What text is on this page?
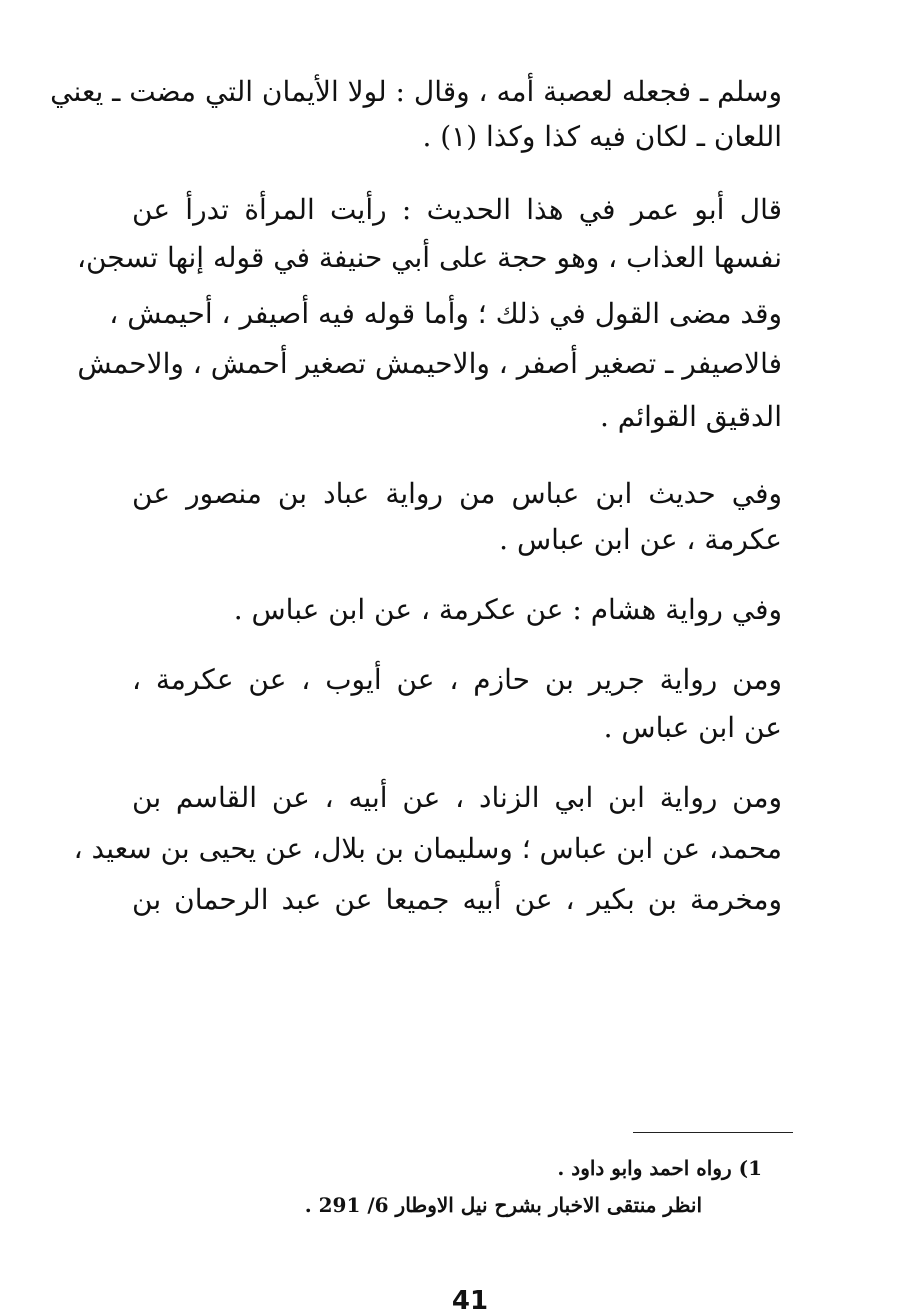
وسلم ـ فجعله لعصبة أمه ، وقال : لولا الأيمان التي مضت ـ يعني
اللعان ـ لكان فيه كذا وكذا (١) .
قال أبو عمر في هذا الحديث : رأيت المرأة تدرأ عن
نفسها العذاب ، وهو حجة على أبي حنيفة في قوله إنها تسجن،
وقد مضى القول في ذلك ؛ وأما قوله فيه أصيفر ، أحيمش ،
فالاصيفر ـ تصغير أصفر ، والاحيمش تصغير أحمش ، والاحمش
الدقيق القوائم .
وفي حديث ابن عباس من رواية عباد بن منصور عن
عكرمة ، عن ابن عباس .
وفي رواية هشام : عن عكرمة ، عن ابن عباس .
ومن رواية جرير بن حازم ، عن أيوب ، عن عكرمة ،
عن ابن عباس .
ومن رواية ابن ابي الزناد ، عن أبيه ، عن القاسم بن
محمد، عن ابن عباس ؛ وسليمان بن بلال، عن يحيى بن سعيد ،
ومخرمة بن بكير ، عن أبيه جميعا عن عبد الرحمان بن
1) رواه احمد وابو داود .
انظر منتقى الاخبار بشرح نيل الاوطار 6/ 291 .
41
